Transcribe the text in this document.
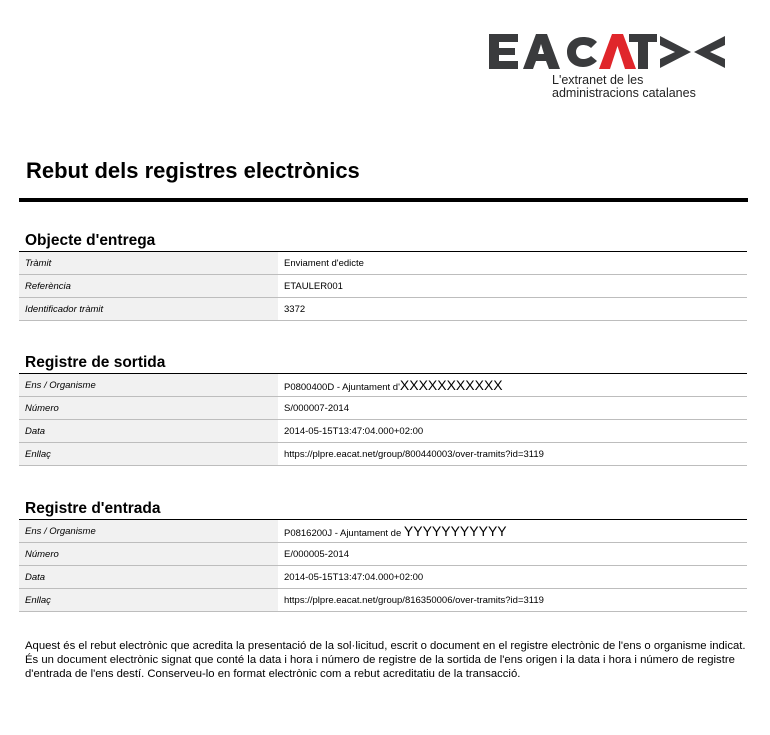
L'extranet de les
administracions catalanes
Rebut dels registres electrònics
Objecte d'entrega
Tràmit	Enviament d'edicte
Referència	ETAULER001
Identificador tràmit	3372
Registre de sortida
Ens / Organisme	P0800400D - Ajuntament d'XXXXXXXXXXX
Número	S/000007-2014
Data	2014-05-15T13:47:04.000+02:00
Enllaç	https://plpre.eacat.net/group/800440003/over-tramits?id=3119
Registre d'entrada
Ens / Organisme	P0816200J - Ajuntament de YYYYYYYYYYY
Número	E/000005-2014
Data	2014-05-15T13:47:04.000+02:00
Enllaç	https://plpre.eacat.net/group/816350006/over-tramits?id=3119

Aquest és el rebut electrònic que acredita la presentació de la sol·licitud, escrit o document en el registre electrònic de l'ens o organisme indicat. És un document electrònic signat que conté la data i hora i número de registre de la sortida de l'ens origen i la data i hora i número de registre d'entrada de l'ens destí. Conserveu-lo en format electrònic com a rebut acreditatiu de la transacció.
